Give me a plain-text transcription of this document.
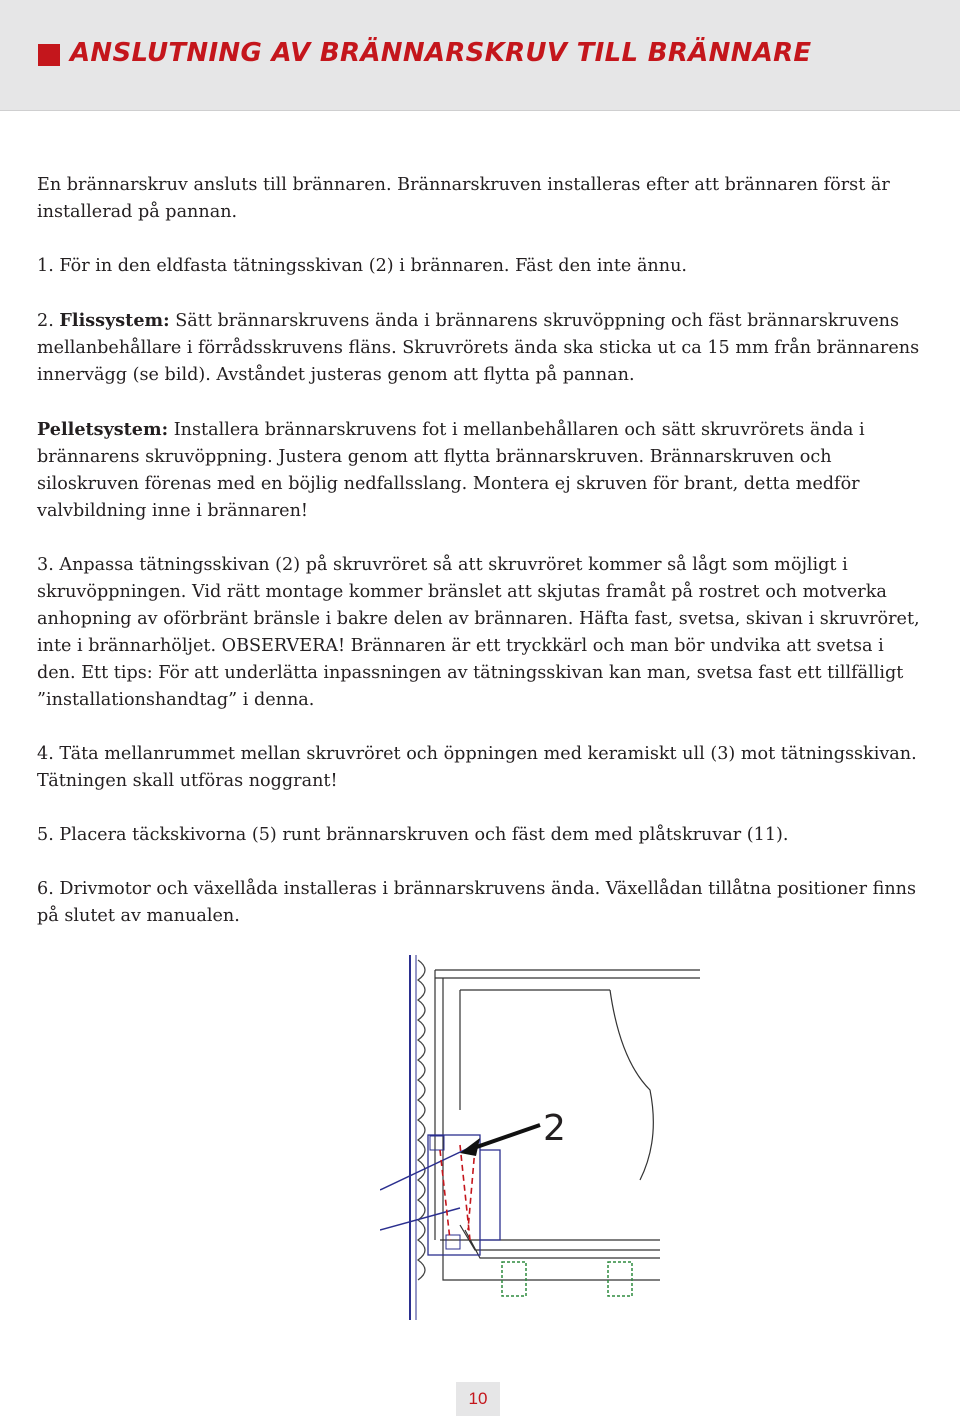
ANSLUTNING AV BRÄNNARSKRUV TILL BRÄNNARE

En brännarskruv ansluts till brännaren. Brännarskruven installeras efter att brännaren först är installerad på pannan.

1. För in den eldfasta tätningsskivan (2) i brännaren. Fäst den inte ännu.

2. Flissystem: Sätt brännarskruvens ända i brännarens skruvöppning och fäst brännarskruvens mellanbehållare i förrådsskruvens fläns. Skruvrörets ända ska sticka ut ca 15 mm från brännarens innervägg (se bild). Avståndet justeras genom att flytta på pannan.

Pelletsystem: Installera brännarskruvens fot i mellanbehållaren och sätt skruvrörets ända i brännarens skruvöppning. Justera genom att flytta brännarskruven. Brännarskruven och siloskruven förenas med en böjlig nedfallsslang. Montera ej skruven för brant, detta medför valvbildning inne i brännaren!

3. Anpassa tätningsskivan (2) på skruvröret så att skruvröret kommer så lågt som möjligt i skruvöppningen. Vid rätt montage kommer bränslet att skjutas framåt på rostret och motverka anhopning av oförbränt bränsle i bakre delen av brännaren. Häfta fast, svetsa, skivan i skruvröret, inte i brännarhöljet. OBSERVERA! Brännaren är ett tryckkärl och man bör undvika att svetsa i den. Ett tips: För att underlätta inpassningen av tätningsskivan kan man, svetsa fast ett tillfälligt ”installationshandtag” i denna.

4. Täta mellanrummet mellan skruvröret och öppningen med keramiskt ull (3) mot tätningsskivan. Tätningen skall utföras noggrant!

5. Placera täckskivorna (5) runt brännarskruven och fäst dem med plåtskruvar (11).

6. Drivmotor och växellåda installeras i brännarskruvens ända. Växellådan tillåtna positioner finns på slutet av manualen.

2
10
